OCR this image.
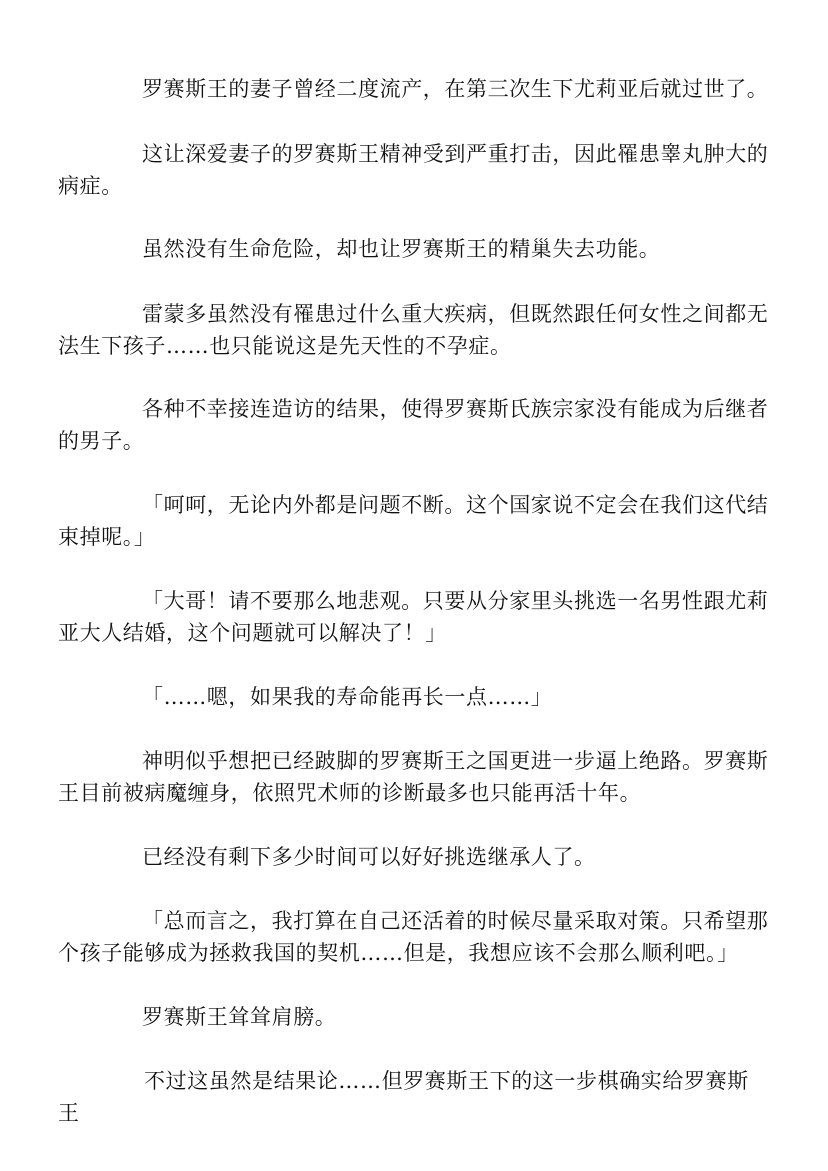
罗赛斯王的妻子曾经二度流产，在第三次生下尤莉亚后就过世了。

这让深爱妻子的罗赛斯王精神受到严重打击，因此罹患睾丸肿大的病症。

虽然没有生命危险，却也让罗赛斯王的精巢失去功能。

雷蒙多虽然没有罹患过什么重大疾病，但既然跟任何女性之间都无法生下孩子……也只能说这是先天性的不孕症。

各种不幸接连造访的结果，使得罗赛斯氏族宗家没有能成为后继者的男子。

「呵呵，无论内外都是问题不断。这个国家说不定会在我们这代结束掉呢。」

「大哥！请不要那么地悲观。只要从分家里头挑选一名男性跟尤莉亚大人结婚，这个问题就可以解决了！」

「……嗯，如果我的寿命能再长一点……」

神明似乎想把已经跛脚的罗赛斯王之国更进一步逼上绝路。罗赛斯王目前被病魔缠身，依照咒术师的诊断最多也只能再活十年。

已经没有剩下多少时间可以好好挑选继承人了。

「总而言之，我打算在自己还活着的时候尽量采取对策。只希望那个孩子能够成为拯救我国的契机……但是，我想应该不会那么顺利吧。」

罗赛斯王耸耸肩膀。

不过这虽然是结果论……但罗赛斯王下的这一步棋确实给罗赛斯王
